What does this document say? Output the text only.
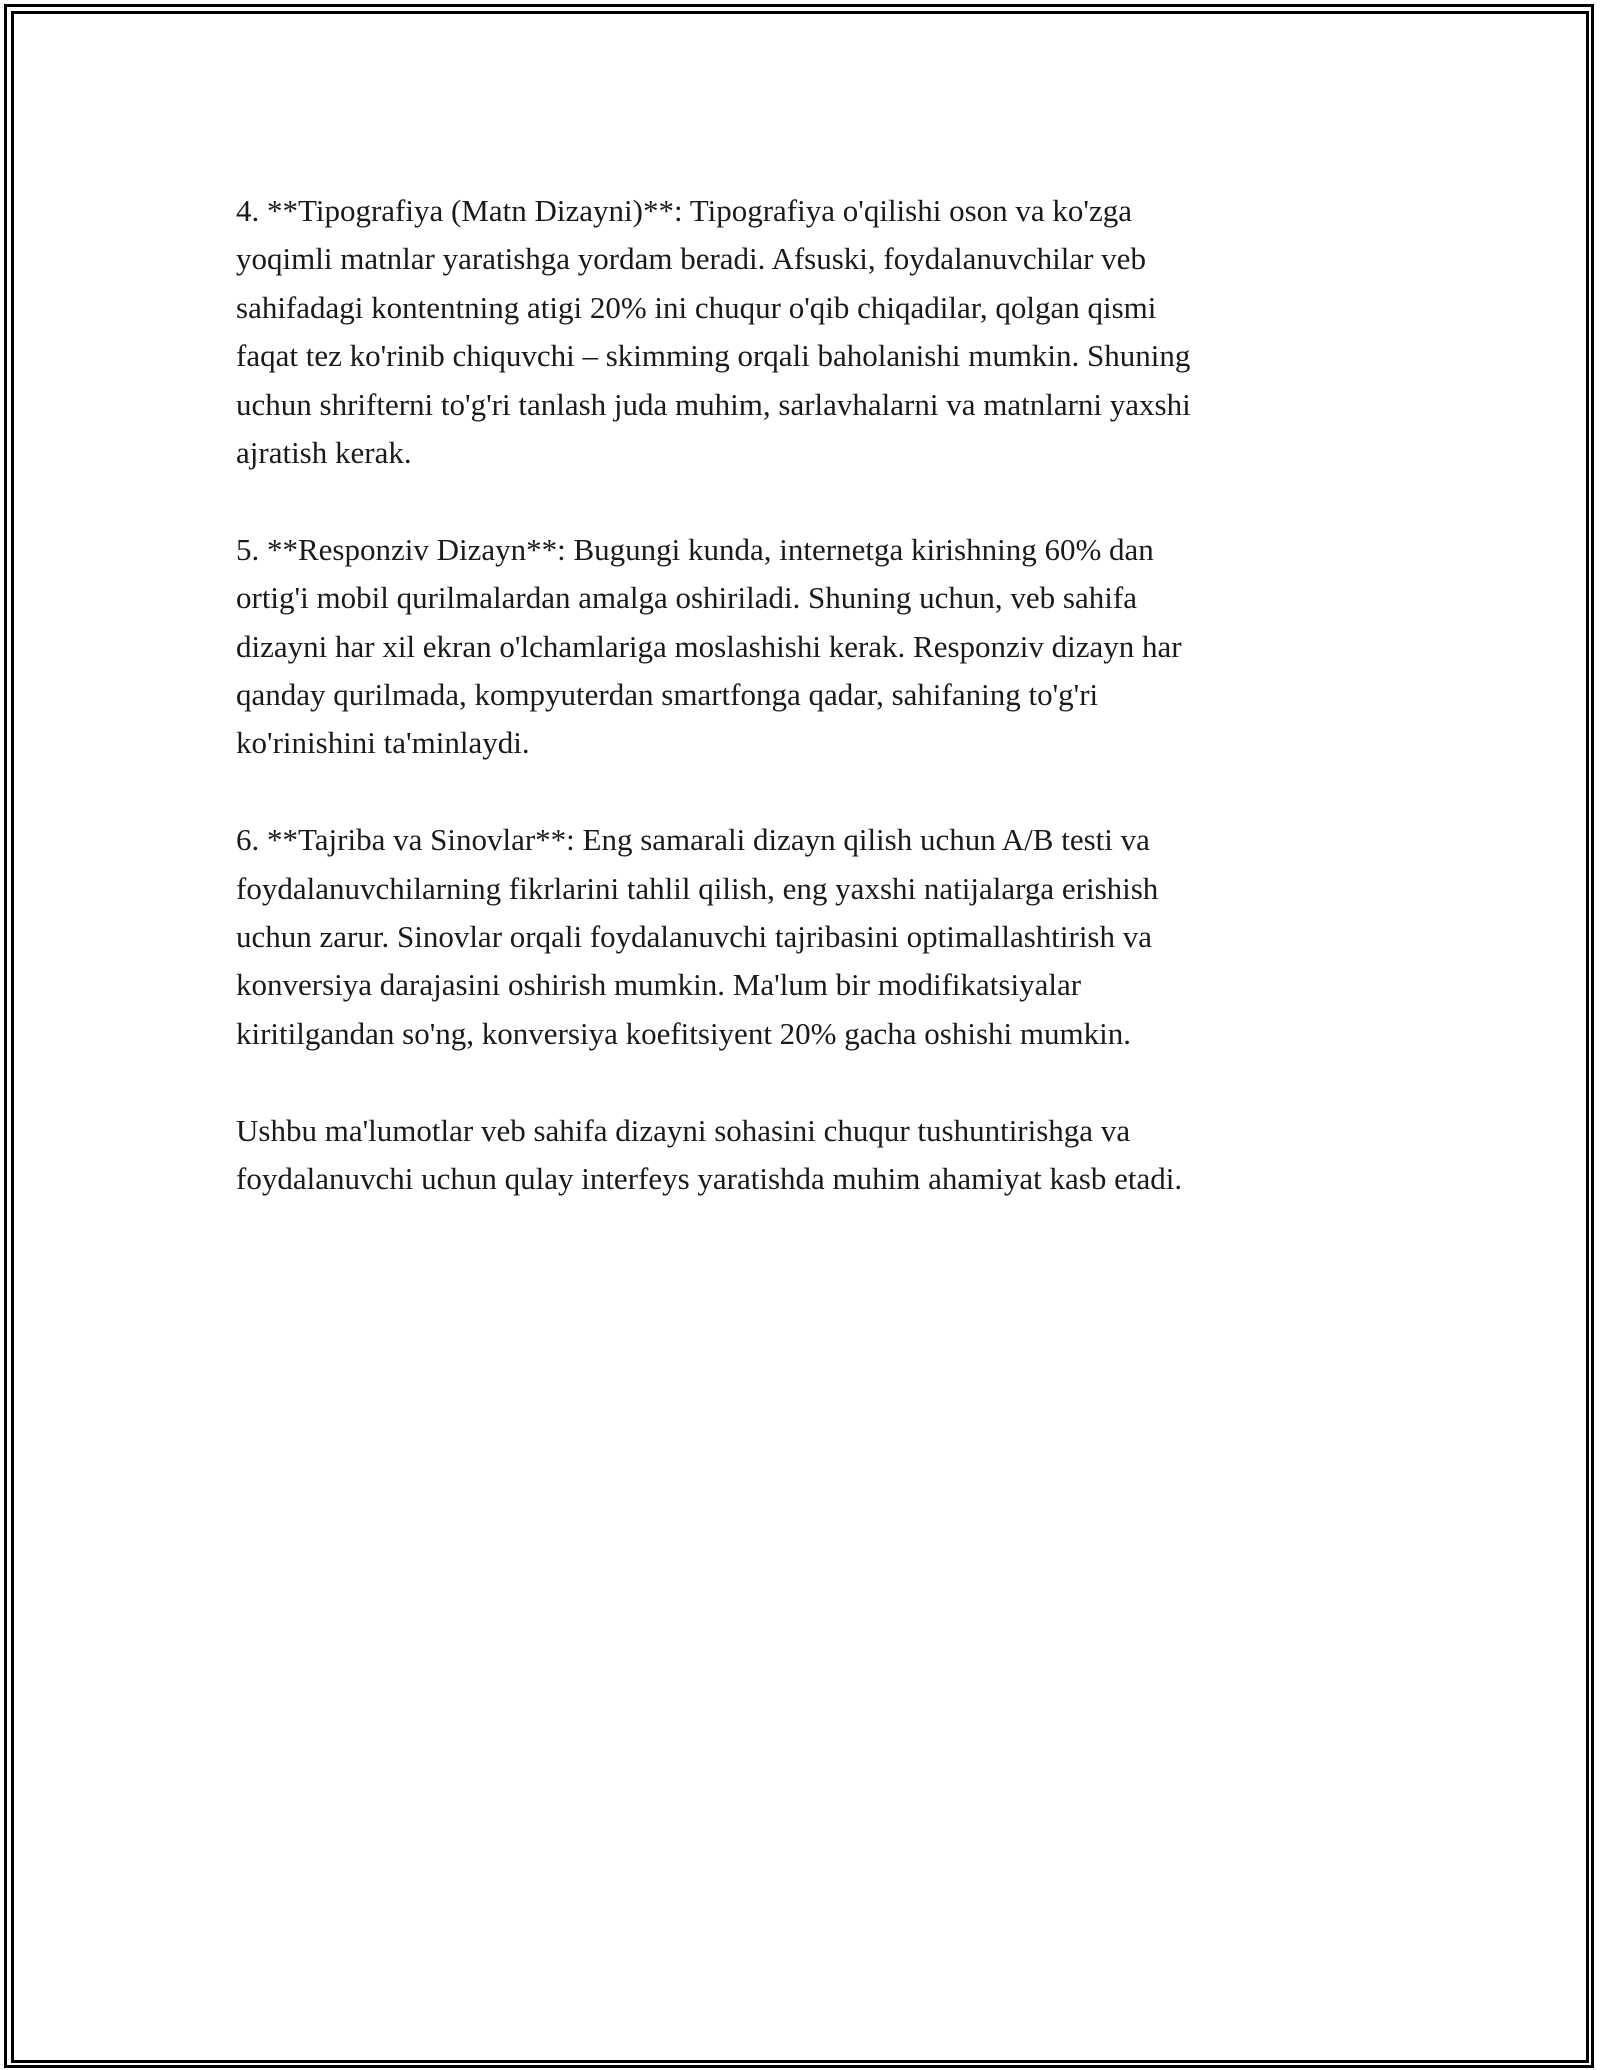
4. **Tipografiya (Matn Dizayni)**: Tipografiya o'qilishi oson va ko'zga
yoqimli matnlar yaratishga yordam beradi. Afsuski, foydalanuvchilar veb
sahifadagi kontentning atigi 20% ini chuqur o'qib chiqadilar, qolgan qismi
faqat tez ko'rinib chiquvchi – skimming orqali baholanishi mumkin. Shuning
uchun shrifterni to'g'ri tanlash juda muhim, sarlavhalarni va matnlarni yaxshi
ajratish kerak.

5. **Responziv Dizayn**: Bugungi kunda, internetga kirishning 60% dan
ortig'i mobil qurilmalardan amalga oshiriladi. Shuning uchun, veb sahifa
dizayni har xil ekran o'lchamlariga moslashishi kerak. Responziv dizayn har
qanday qurilmada, kompyuterdan smartfonga qadar, sahifaning to'g'ri
ko'rinishini ta'minlaydi.

6. **Tajriba va Sinovlar**: Eng samarali dizayn qilish uchun A/B testi va
foydalanuvchilarning fikrlarini tahlil qilish, eng yaxshi natijalarga erishish
uchun zarur. Sinovlar orqali foydalanuvchi tajribasini optimallashtirish va
konversiya darajasini oshirish mumkin. Ma'lum bir modifikatsiyalar
kiritilgandan so'ng, konversiya koefitsiyent 20% gacha oshishi mumkin.

Ushbu ma'lumotlar veb sahifa dizayni sohasini chuqur tushuntirishga va
foydalanuvchi uchun qulay interfeys yaratishda muhim ahamiyat kasb etadi.
